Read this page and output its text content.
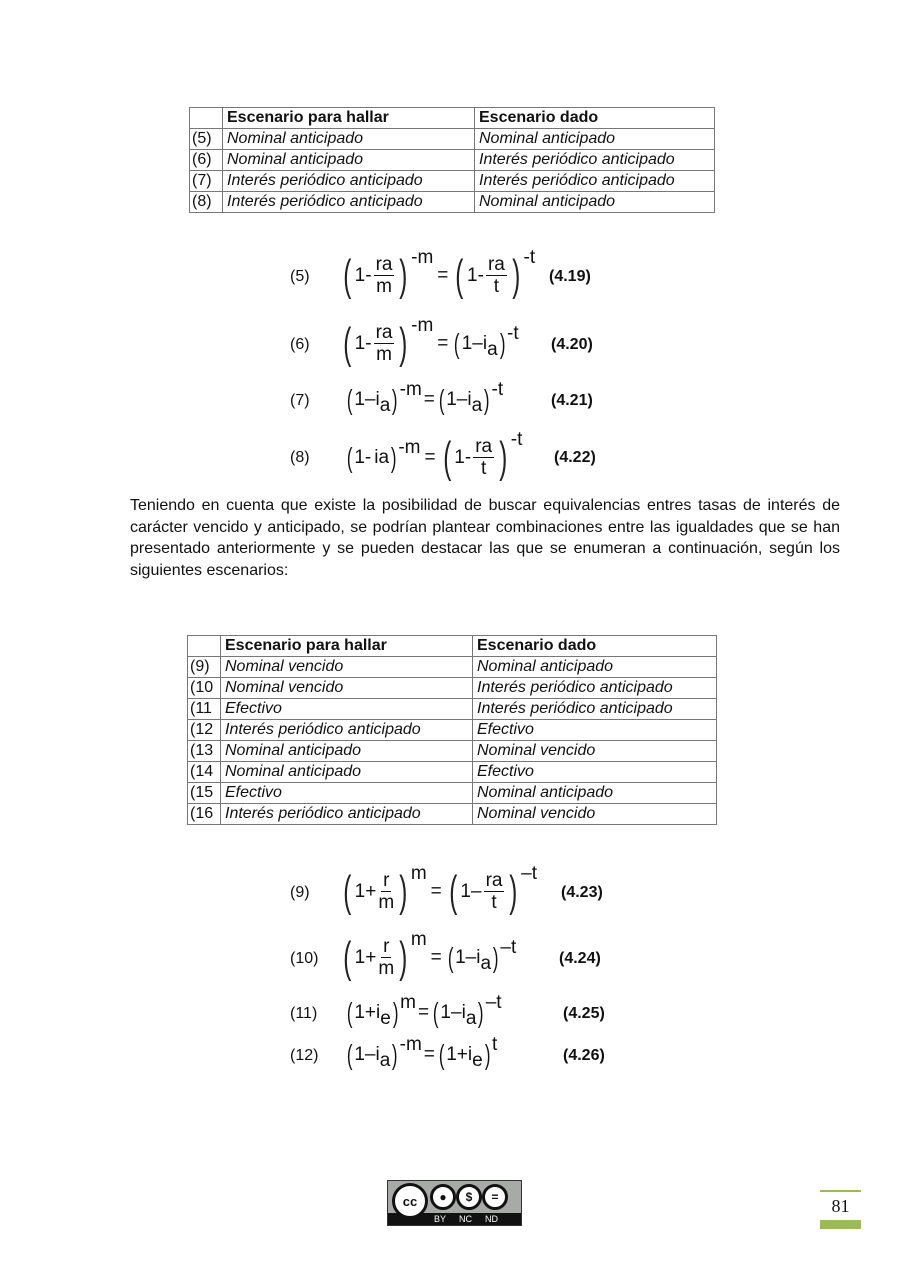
	Escenario para hallar	Escenario dado
(5)	Nominal anticipado	Nominal anticipado
(6)	Nominal anticipado	Interés periódico anticipado
(7)	Interés periódico anticipado	Interés periódico anticipado
(8)	Interés periódico anticipado	Nominal anticipado
(5) ( $1 - \frac{ra}{m}$ ) -m
= ( $1 - \frac{ra}{t}$ ) -t
(4.19)
(6) ( $1 - \frac{ra}{m}$ ) -m
= ( 1 – i a ) -t
(4.20)
(7) ( 1 – i a ) -m = ( 1 – i a ) -t
(4.21)
(8) ( 1 - ia ) -m = ( $1 - \frac{ra}{t}$ ) -t
(4.22)

Teniendo en cuenta que existe la posibilidad de buscar equivalencias entres tasas de interés de carácter vencido y anticipado, se podrían plantear combinaciones entre las igualdades que se han presentado anteriormente y se pueden destacar las que se enumeran a continuación, según los siguientes escenarios:

	Escenario para hallar	Escenario dado
(9)	Nominal vencido	Nominal anticipado
(10	Nominal vencido	Interés periódico anticipado
(11	Efectivo	Interés periódico anticipado
(12	Interés periódico anticipado	Efectivo
(13	Nominal anticipado	Nominal vencido
(14	Nominal anticipado	Efectivo
(15	Efectivo	Nominal anticipado
(16	Interés periódico anticipado	Nominal vencido
(9) ( $1 + \frac{r}{m}$ ) m
= ( $1 - \frac{ra}{t}$ ) –t
(4.23)
(10) ( $1 + \frac{r}{m}$ ) m
= ( 1 – i a ) –t
(4.24)
(11) ( 1 + i e ) m = ( 1 – i a ) –t
(4.25)
(12) ( 1 – i a ) -m = ( 1 + i e ) t
(4.26)
cc	●	$	=
BY NC ND
81
